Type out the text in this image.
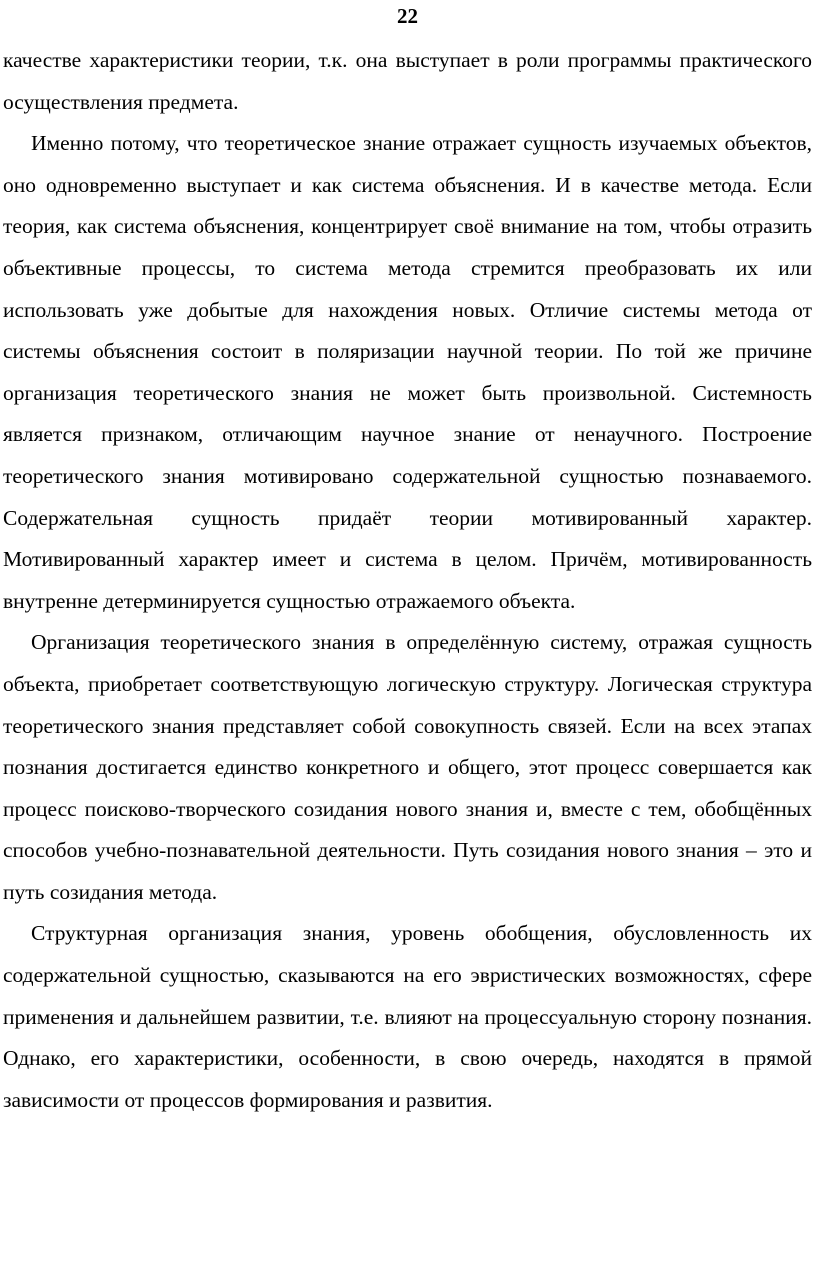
22

качестве характеристики теории, т.к. она выступает в роли программы практического осуществления предмета.

Именно потому, что теоретическое знание отражает сущность изучаемых объектов, оно одновременно выступает и как система объяснения. И в качестве метода. Если теория, как система объяснения, концентрирует своё внимание на том, чтобы отразить объективные процессы, то система метода стремится преобразовать их или использовать уже добытые для нахождения новых. Отличие системы метода от системы объяснения состоит в поляризации научной теории. По той же причине организация теоретического знания не может быть произвольной. Системность является признаком, отличающим научное знание от ненаучного. Построение теоретического знания мотивировано содержательной сущностью познаваемого. Содержательная сущность придаёт теории мотивированный характер. Мотивированный характер имеет и система в целом. Причём, мотивированность внутренне детерминируется сущностью отражаемого объекта.

Организация теоретического знания в определённую систему, отражая сущность объекта, приобретает соответствующую логическую структуру. Логическая структура теоретического знания представляет собой совокупность связей. Если на всех этапах познания достигается единство конкретного и общего, этот процесс совершается как процесс поисково-творческого созидания нового знания и, вместе с тем, обобщённых способов учебно-познавательной деятельности. Путь созидания нового знания – это и путь созидания метода.

Структурная организация знания, уровень обобщения, обусловленность их содержательной сущностью, сказываются на его эвристических возможностях, сфере применения и дальнейшем развитии, т.е. влияют на процессуальную сторону познания. Однако, его характеристики, особенности, в свою очередь, находятся в прямой зависимости от процессов формирования и развития.
